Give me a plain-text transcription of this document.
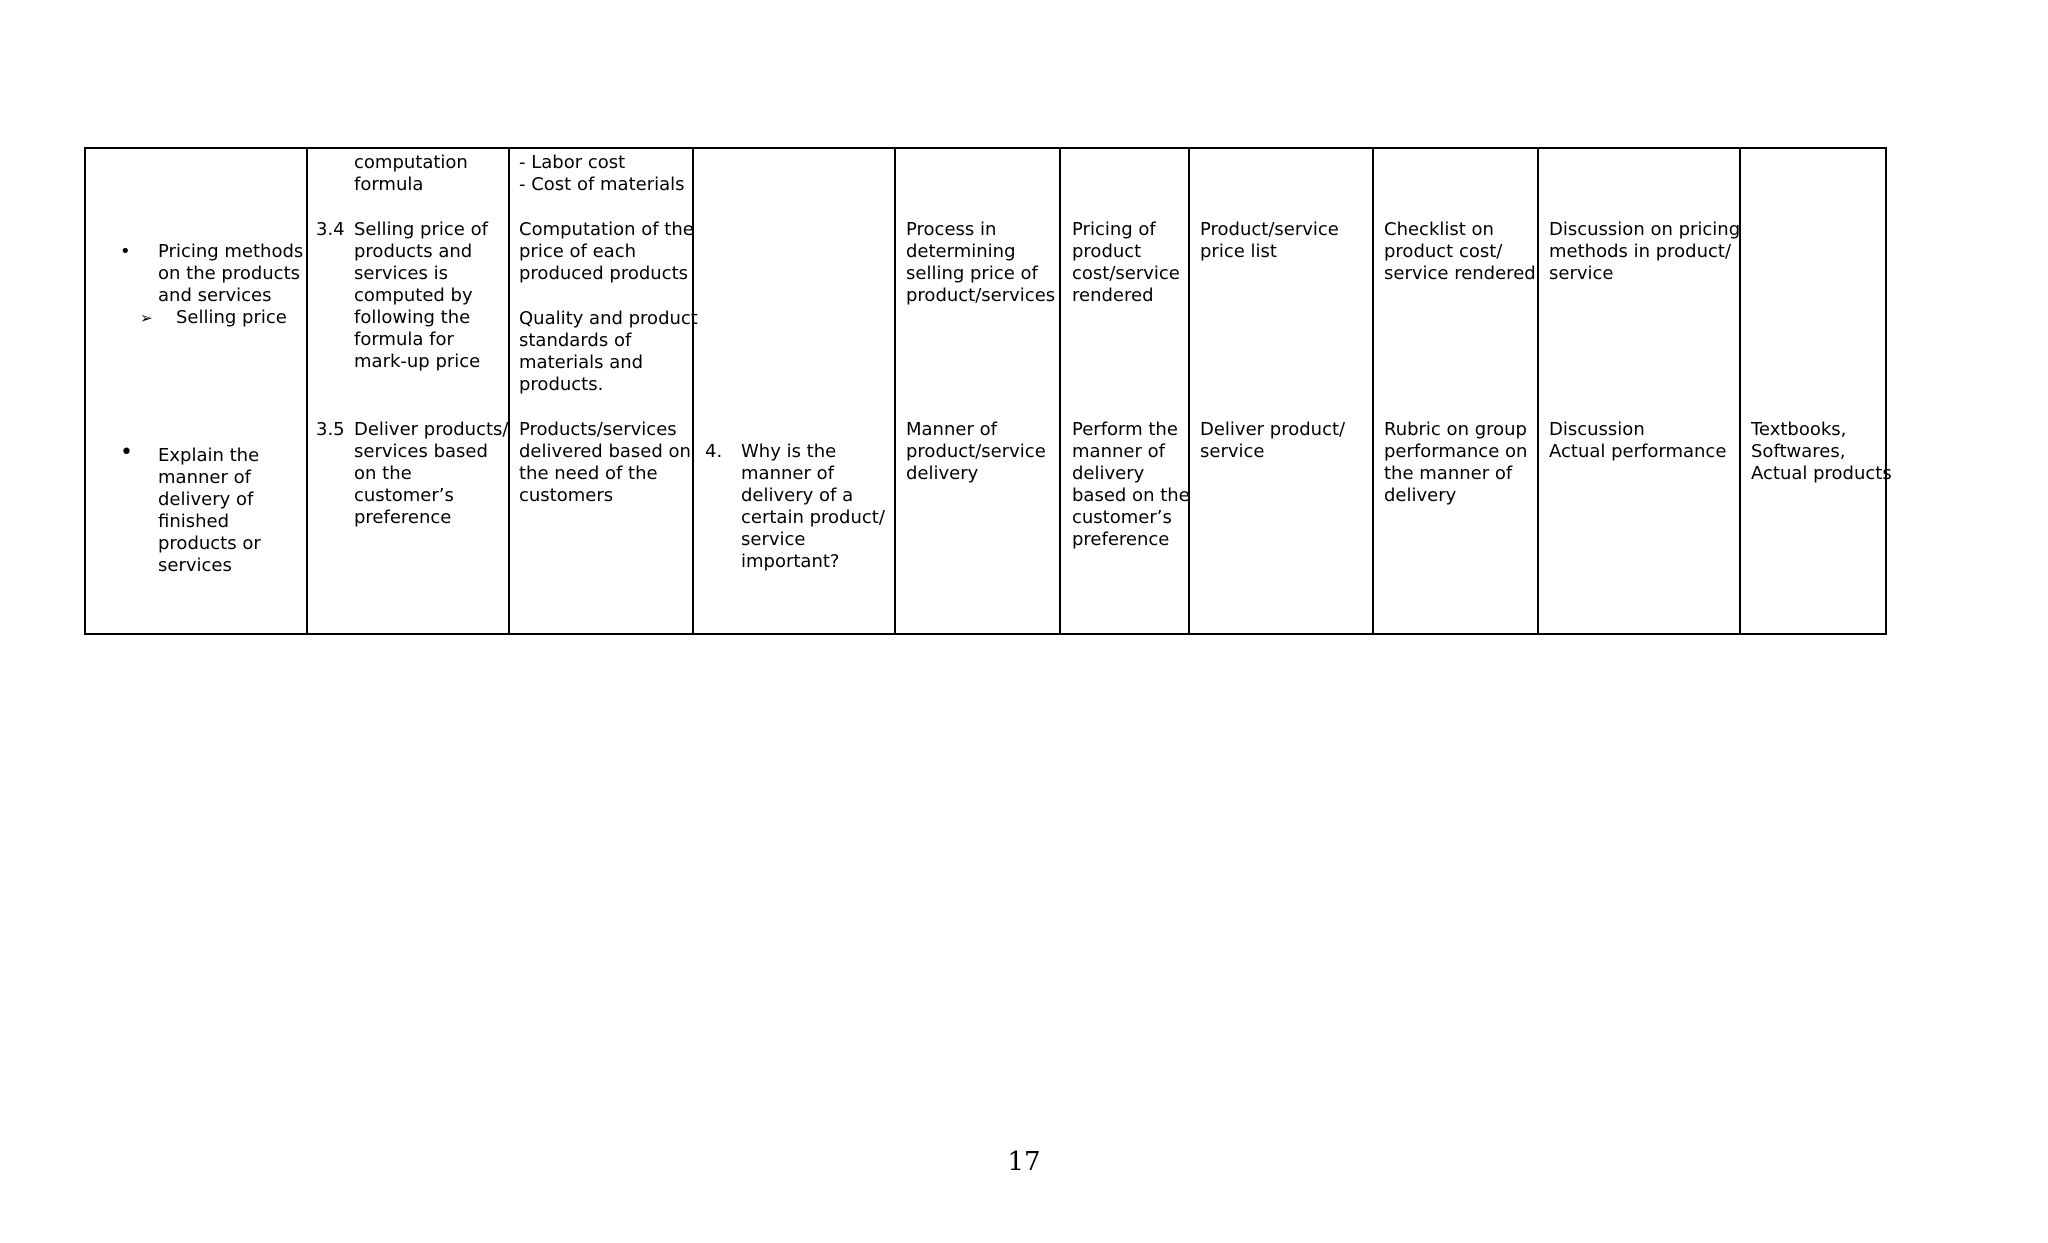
• Pricing methods
on the products
and services
➢ Selling price
• Explain the
manner of
delivery of
finished
products or
services
computation
formula
3.4 Selling price of
products and
services is
computed by
following the
formula for
mark-up price
3.5 Deliver products/
services based
on the
customer’s
preference
- Labor cost
- Cost of materials
Computation of the
price of each
produced products
Quality and product
standards of
materials and
products.
Products/services
delivered based on
the need of the
customers
4. Why is the
manner of
delivery of a
certain product/
service
important?
Process in
determining
selling price of
product/services
Manner of
product/service
delivery
Pricing of
product
cost/service
rendered
Perform the
manner of
delivery
based on the
customer’s
preference
Product/service
price list
Deliver product/
service
Checklist on
product cost/
service rendered
Rubric on group
performance on
the manner of
delivery
Discussion on pricing
methods in product/
service
Discussion
Actual performance
Textbooks,
Softwares,
Actual products
17
